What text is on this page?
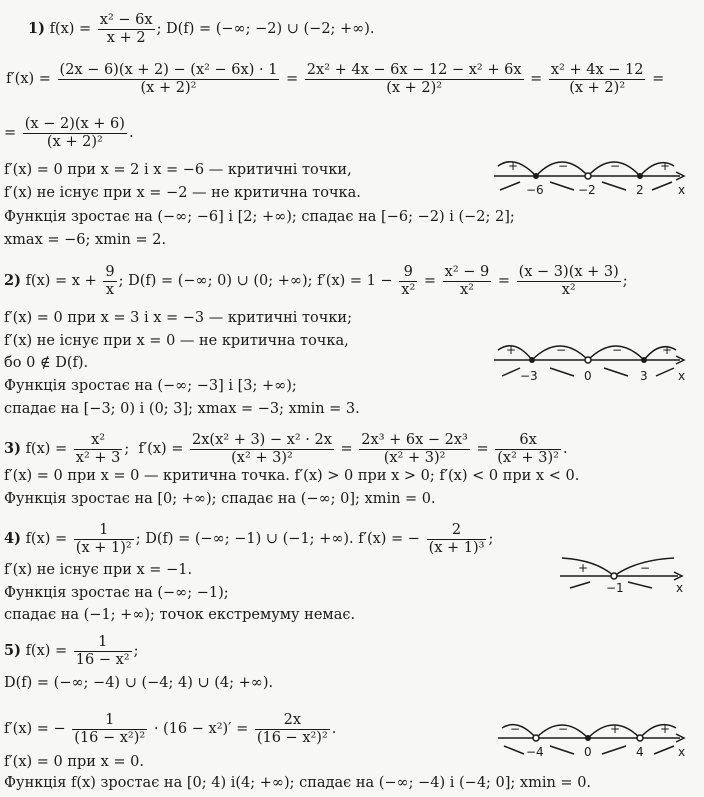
1) $f(x) = \frac{\text{x² − 6x}}{x + 2}$ ; D(f) = (−∞; −2) ∪ (−2; +∞).
$f'(x) = \frac{\text{(2x − 6)(x + 2) − (x² − 6x) · 1}}{\text{(x + 2)²}} = \frac{\text{2x² + 4x − 6x − 12 − x² + 6x}}{\text{(x + 2)²}} = \frac{\text{x² + 4x − 12}}{\text{(x + 2)²}}$ =
= $\frac{(x - 2)(x + 6)}{\text{(x + 2)²}}$ .
f′(x) = 0 при x = 2 і x = −6 — критичні точки,
f′(x) не існує при x = −2 — не критична точка.
Функція зростає на (−∞; −6] і [2; +∞); спадає на [−6; −2) і (−2; 2];
xmax = −6; xmin = 2.
+	−	−	+
−6	−2	2	x
2) $f(x) = x + \frac{9}{x}$ ; D(f) = (−∞; 0) ∪ (0; +∞); $f'(x) = 1 - \frac{9}{\text{x²}} = \frac{\text{x² − 9}}{\text{x²}} = \frac{(x - 3)(x + 3)}{\text{x²}}$ ;
f′(x) = 0 при x = 3 і x = −3 — критичні точки;
f′(x) не існує при x = 0 — не критична точка,
бо 0 ∉ D(f).
Функція зростає на (−∞; −3] і [3; +∞);
спадає на [−3; 0) і (0; 3]; xmax = −3; xmin = 3.
+	−	−	+
−3	0	3	x
3) $f(x) = \frac{\text{x²}}{\text{x² + 3}}$ ; $f'(x) = \frac{\text{2x(x² + 3) − x² · 2x}}{\text{(x² + 3)²}} = \frac{\text{2x³ + 6x − 2x³}}{\text{(x² + 3)²}} = \frac{6x}{\text{(x² + 3)²}}$ .
f′(x) = 0 при x = 0 — критична точка. f′(x) > 0 при x > 0; f′(x) < 0 при x < 0.
Функція зростає на [0; +∞); спадає на (−∞; 0]; xmin = 0.
4) $f(x) = \frac{1}{\text{(x + 1)²}}$ ; D(f) = (−∞; −1) ∪ (−1; +∞). f′(x) = − $\frac{2}{\text{(x + 1)³}}$ ;
f′(x) не існує при x = −1.
Функція зростає на (−∞; −1);
спадає на (−1; +∞); точок екстремуму немає.
+	−
−1	x
5) $f(x) = \frac{1}{\text{16 − x²}}$ ;
D(f) = (−∞; −4) ∪ (−4; 4) ∪ (4; +∞).
f′(x) = − $\frac{1}{\text{(16 − x²)²}} \cdot (16 - x^2)' = \frac{2x}{\text{(16 − x²)²}}$ .
f′(x) = 0 при x = 0.
Функція f(x) зростає на [0; 4) і(4; +∞); спадає на (−∞; −4) і (−4; 0]; xmin = 0.
−	−	+	+
−4	0	4	x
